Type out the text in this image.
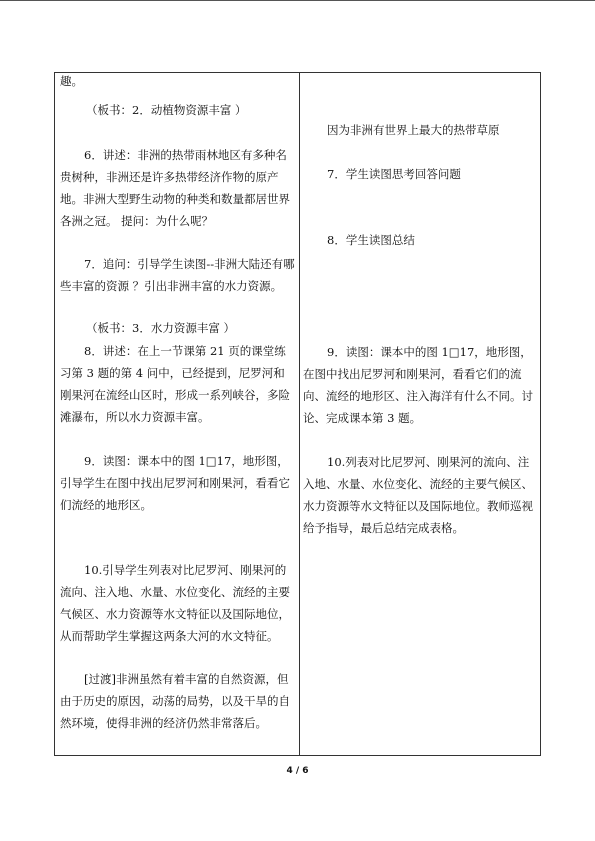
趣。

（板书：2．动植物资源丰富 ）

6．讲述：非洲的热带雨林地区有多种名贵树种，非洲还是许多热带经济作物的原产地。非洲大型野生动物的种类和数量都居世界各洲之冠。 提问：为什么呢？

7．追问：引导学生读图--非洲大陆还有哪些丰富的资源 ？引出非洲丰富的水力资源。

（板书：3．水力资源丰富 ）

8．讲述：在上一节课第 21 页的课堂练习第 3 题的第 4 问中，已经提到，尼罗河和刚果河在流经山区时，形成一系列峡谷，多险滩瀑布，所以水力资源丰富。

9．读图：课本中的图 1□17，地形图，引导学生在图中找出尼罗河和刚果河，看看它们流经的地形区。

10.引导学生列表对比尼罗河、刚果河的流向、注入地、水量、水位变化、流经的主要气候区、水力资源等水文特征以及国际地位，从而帮助学生掌握这两条大河的水文特征。

[过渡]非洲虽然有着丰富的自然资源，但由于历史的原因，动荡的局势，以及干旱的自然环境，使得非洲的经济仍然非常落后。

因为非洲有世界上最大的热带草原

7．学生读图思考回答问题

8．学生读图总结

9．读图：课本中的图 1□17，地形图，在图中找出尼罗河和刚果河，看看它们的流向、流经的地形区、注入海洋有什么不同。讨论、完成课本第 3 题。

10.列表对比尼罗河、刚果河的流向、注入地、水量、水位变化、流经的主要气候区、水力资源等水文特征以及国际地位。教师巡视给予指导，最后总结完成表格。

4 / 6
